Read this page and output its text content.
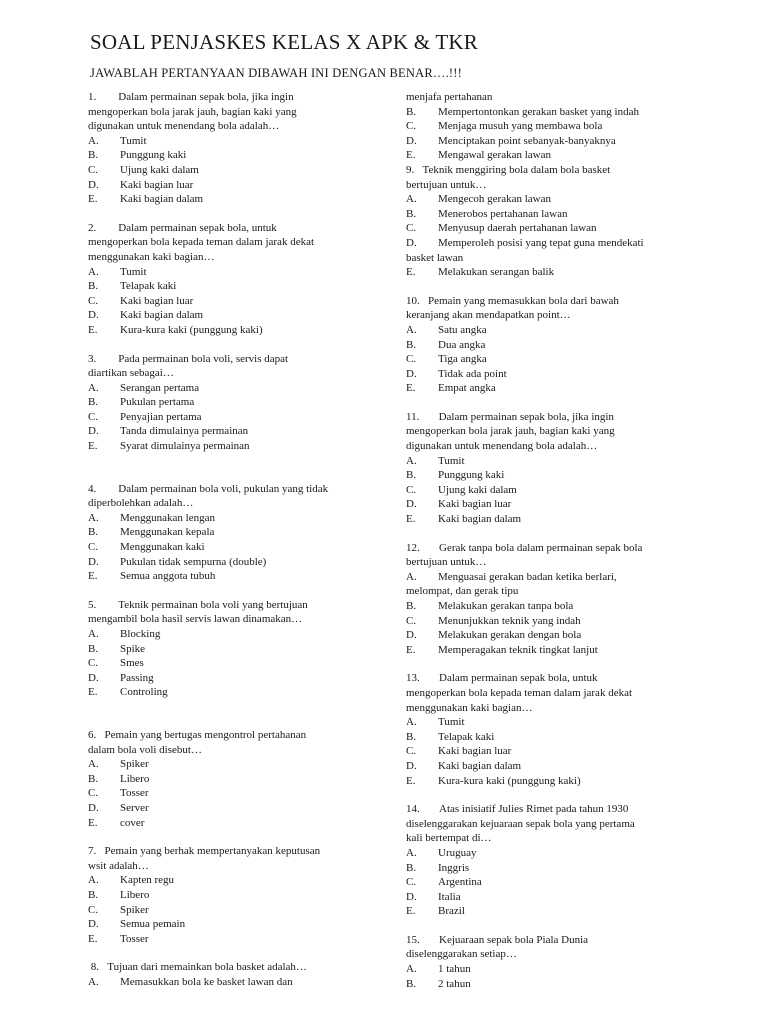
SOAL PENJASKES KELAS X APK & TKR
JAWABLAH PERTANYAAN DIBAWAH INI DENGAN BENAR….!!!

1.        Dalam permainan sepak bola, jika ingin

mengoperkan bola jarak jauh, bagian kaki yang

digunakan untuk menendang bola adalah…

A. Tumit
B. Punggung kaki
C. Ujung kaki dalam
D. Kaki bagian luar
E. Kaki bagian dalam

2.        Dalam permainan sepak bola, untuk

mengoperkan bola kepada teman dalam jarak dekat

menggunakan kaki bagian…

A. Tumit
B. Telapak kaki
C. Kaki bagian luar
D. Kaki bagian dalam
E. Kura-kura kaki (punggung kaki)

3.        Pada permainan bola voli, servis dapat

diartikan sebagai…

A. Serangan pertama
B. Pukulan pertama
C. Penyajian pertama
D. Tanda dimulainya permainan
E. Syarat dimulainya permainan

4.        Dalam permainan bola voli, pukulan yang tidak

diperbolehkan adalah…

A. Menggunakan lengan
B. Menggunakan kepala
C. Menggunakan kaki
D. Pukulan tidak sempurna (double)
E. Semua anggota tubuh

5.        Teknik permainan bola voli yang bertujuan

mengambil bola hasil servis lawan dinamakan…

A. Blocking
B. Spike
C. Smes
D. Passing
E. Controling

6.   Pemain yang bertugas mengontrol pertahanan

dalam bola voli disebut…

A. Spiker
B. Libero
C. Tosser
D. Server
E. cover

7.   Pemain yang berhak mempertanyakan keputusan

wsit adalah…

A. Kapten regu
B. Libero
C. Spiker
D. Semua pemain
E. Tosser

8.   Tujuan dari memainkan bola basket adalah…

A. Memasukkan bola ke basket lawan dan

menjafa pertahanan

B. Mempertontonkan gerakan basket yang indah
C. Menjaga musuh yang membawa bola
D. Menciptakan point sebanyak-banyaknya
E. Mengawal gerakan lawan

9.   Teknik menggiring bola dalam bola basket

bertujuan untuk…

A. Mengecoh gerakan lawan
B. Menerobos pertahanan lawan
C. Menyusup daerah pertahanan lawan
D. Memperoleh posisi yang tepat guna mendekati
basket lawan
E. Melakukan serangan balik

10.   Pemain yang memasukkan bola dari bawah

keranjang akan mendapatkan point…

A. Satu angka
B. Dua angka
C. Tiga angka
D. Tidak ada point
E. Empat angka

11.       Dalam permainan sepak bola, jika ingin

mengoperkan bola jarak jauh, bagian kaki yang

digunakan untuk menendang bola adalah…

A. Tumit
B. Punggung kaki
C. Ujung kaki dalam
D. Kaki bagian luar
E. Kaki bagian dalam

12.       Gerak tanpa bola dalam permainan sepak bola

bertujuan untuk…

A. Menguasai gerakan badan ketika berlari,
melompat, dan gerak tipu
B. Melakukan gerakan tanpa bola
C. Menunjukkan teknik yang indah
D. Melakukan gerakan dengan bola
E. Memperagakan teknik tingkat lanjut

13.       Dalam permainan sepak bola, untuk

mengoperkan bola kepada teman dalam jarak dekat

menggunakan kaki bagian…

A. Tumit
B. Telapak kaki
C. Kaki bagian luar
D. Kaki bagian dalam
E. Kura-kura kaki (punggung kaki)

14.       Atas inisiatif Julies Rimet pada tahun 1930

diselenggarakan kejuaraan sepak bola yang pertama

kali bertempat di…

A. Uruguay
B. Inggris
C. Argentina
D. Italia
E. Brazil

15.       Kejuaraan sepak bola Piala Dunia

diselenggarakan setiap…

A. 1 tahun
B. 2 tahun
